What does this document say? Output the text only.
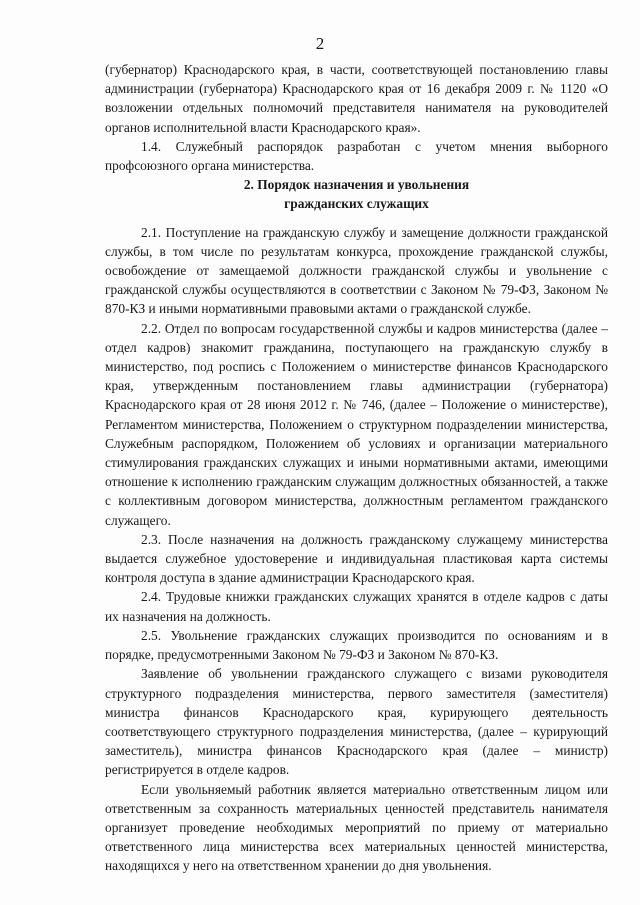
2

(губернатор) Краснодарского края, в части, соответствующей постановлению главы администрации (губернатора) Краснодарского края от 16 декабря 2009 г. № 1120 «О возложении отдельных полномочий представителя нанимателя на руководителей органов исполнительной власти Краснодарского края».

1.4. Служебный распорядок разработан с учетом мнения выборного профсоюзного органа министерства.

2. Порядок назначения и увольнения
гражданских служащих

2.1. Поступление на гражданскую службу и замещение должности гражданской службы, в том числе по результатам конкурса, прохождение гражданской службы, освобождение от замещаемой должности гражданской службы и увольнение с гражданской службы осуществляются в соответствии с Законом № 79-ФЗ, Законом № 870-КЗ и иными нормативными правовыми актами о гражданской службе.

2.2. Отдел по вопросам государственной службы и кадров министерства (далее – отдел кадров) знакомит гражданина, поступающего на гражданскую службу в министерство, под роспись с Положением о министерстве финансов Краснодарского края, утвержденным постановлением главы администрации (губернатора) Краснодарского края от 28 июня 2012 г. № 746, (далее – Положение о министерстве), Регламентом министерства, Положением о структурном подразделении министерства, Служебным распорядком, Положением об условиях и организации материального стимулирования гражданских служащих и иными нормативными актами, имеющими отношение к исполнению гражданским служащим должностных обязанностей, а также с коллективным договором министерства, должностным регламентом гражданского служащего.

2.3. После назначения на должность гражданскому служащему министерства выдается служебное удостоверение и индивидуальная пластиковая карта системы контроля доступа в здание администрации Краснодарского края.

2.4. Трудовые книжки гражданских служащих хранятся в отделе кадров с даты их назначения на должность.

2.5. Увольнение гражданских служащих производится по основаниям и в порядке, предусмотренными Законом № 79-ФЗ и Законом № 870-КЗ.

Заявление об увольнении гражданского служащего с визами руководителя структурного подразделения министерства, первого заместителя (заместителя) министра финансов Краснодарского края, курирующего деятельность соответствующего структурного подразделения министерства, (далее – курирующий заместитель), министра финансов Краснодарского края (далее – министр) регистрируется в отделе кадров.

Если увольняемый работник является материально ответственным лицом или ответственным за сохранность материальных ценностей представитель нанимателя организует проведение необходимых мероприятий по приему от материально ответственного лица министерства всех материальных ценностей министерства, находящихся у него на ответственном хранении до дня увольнения.
